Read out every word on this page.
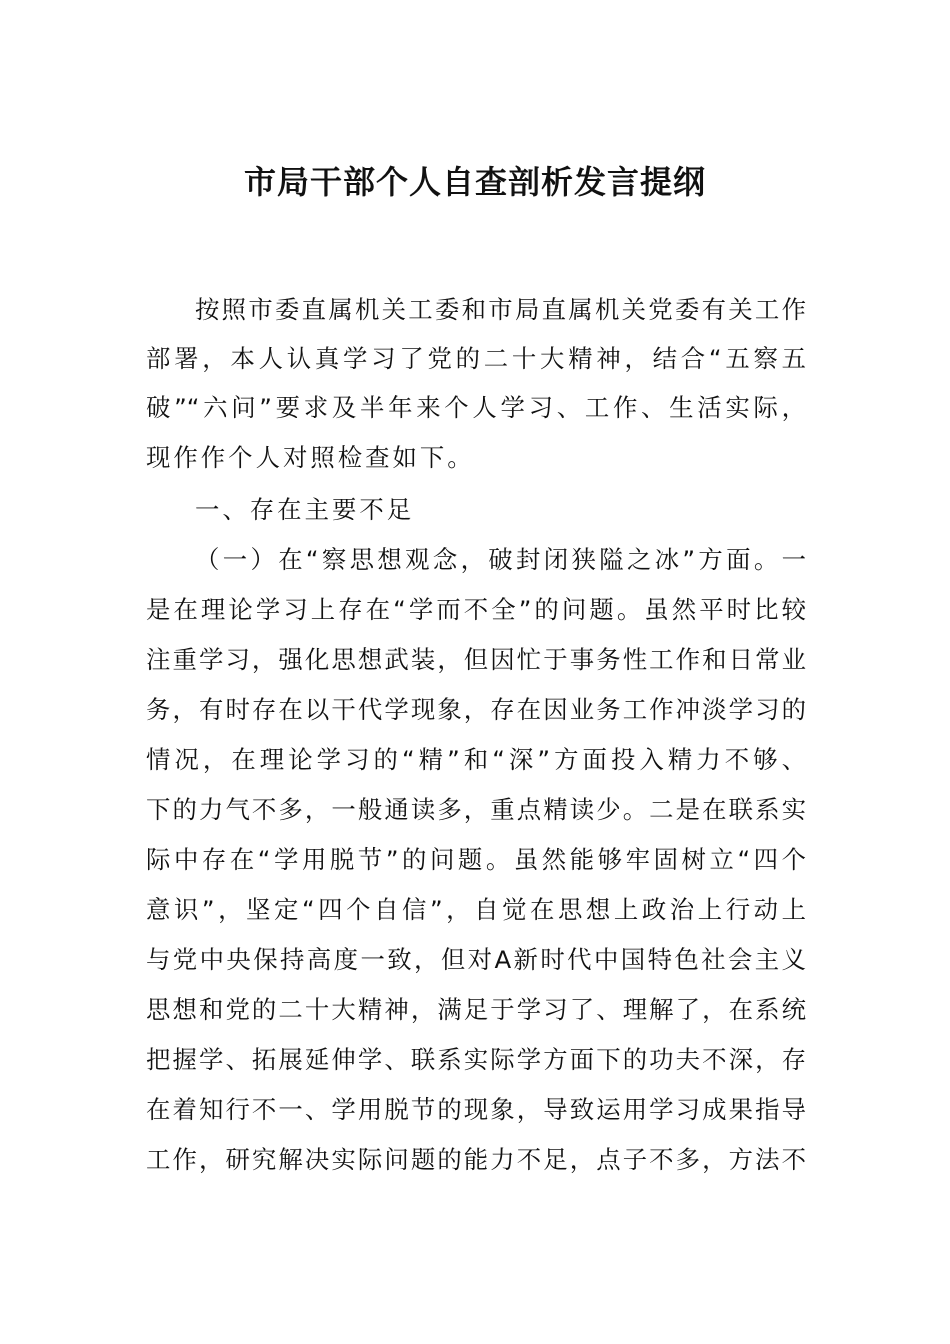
市局干部个人自查剖析发言提纲

按照市委直属机关工委和市局直属机关党委有关工作

部署，本人认真学习了党的二十大精神，结合“五察五

破”“六问”要求及半年来个人学习、工作、生活实际，

现作作个人对照检查如下。

一、存在主要不足

（一）在“察思想观念，破封闭狭隘之冰”方面。一

是在理论学习上存在“学而不全”的问题。虽然平时比较

注重学习，强化思想武装，但因忙于事务性工作和日常业

务，有时存在以干代学现象，存在因业务工作冲淡学习的

情况，在理论学习的“精”和“深”方面投入精力不够、

下的力气不多，一般通读多，重点精读少。二是在联系实

际中存在“学用脱节”的问题。虽然能够牢固树立“四个

意识”，坚定“四个自信”，自觉在思想上政治上行动上

与党中央保持高度一致，但对A新时代中国特色社会主义

思想和党的二十大精神，满足于学习了、理解了，在系统

把握学、拓展延伸学、联系实际学方面下的功夫不深，存

在着知行不一、学用脱节的现象，导致运用学习成果指导

工作，研究解决实际问题的能力不足，点子不多，方法不
